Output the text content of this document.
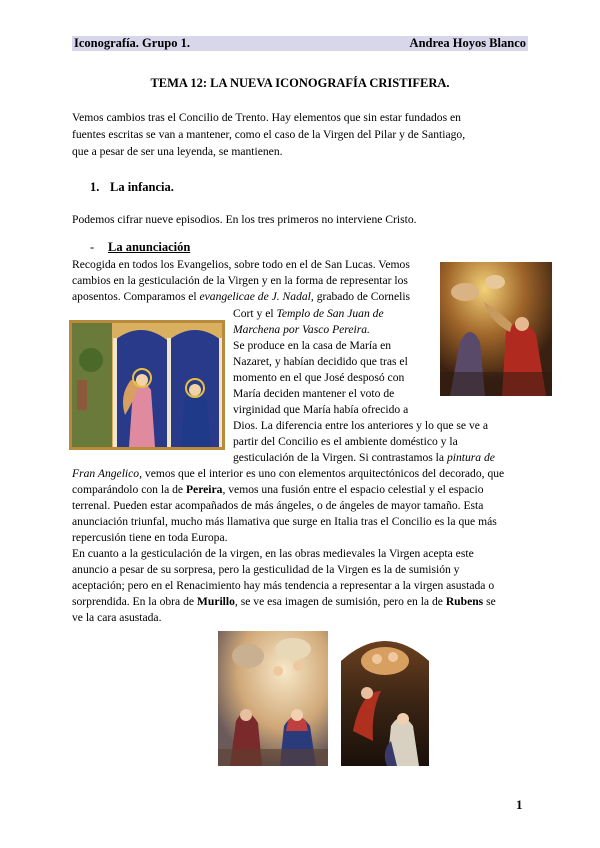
Iconografía. Grupo 1.	Andrea Hoyos Blanco
TEMA 12: LA NUEVA ICONOGRAFÍA CRISTIFERA.
Vemos cambios tras el Concilio de Trento. Hay elementos que sin estar fundados en
fuentes escritas se van a mantener, como el caso de la Virgen del Pilar y de Santiago,
que a pesar de ser una leyenda, se mantienen.
1. La infancia.
Podemos cifrar nueve episodios. En los tres primeros no interviene Cristo.
- La anunciación
Recogida en todos los Evangelios, sobre todo en el de San Lucas. Vemos
cambios en la gesticulación de la Virgen y en la forma de representar los
aposentos. Comparamos el evangelicae de J. Nadal, grabado de Cornelis
Cort y el Templo de San Juan de
Marchena por Vasco Pereira.
Se produce en la casa de María en
Nazaret, y habían decidido que tras el
momento en el que José desposó con
María deciden mantener el voto de
virginidad que María había ofrecido a
Dios. La diferencia entre los anteriores y lo que se ve a
partir del Concilio es el ambiente doméstico y la
gesticulación de la Virgen. Si contrastamos la pintura de
Fran Angelico, vemos que el interior es uno con elementos arquitectónicos del decorado, que
comparándolo con la de Pereira, vemos una fusión entre el espacio celestial y el espacio
terrenal. Pueden estar acompañados de más ángeles, o de ángeles de mayor tamaño. Esta
anunciación triunfal, mucho más llamativa que surge en Italia tras el Concilio es la que más
repercusión tiene en toda Europa.
En cuanto a la gesticulación de la virgen, en las obras medievales la Virgen acepta este
anuncio a pesar de su sorpresa, pero la gesticulidad de la Virgen es la de sumisión y
aceptación; pero en el Renacimiento hay más tendencia a representar a la virgen asustada o
sorprendida. En la obra de Murillo, se ve esa imagen de sumisión, pero en la de Rubens se
ve la cara asustada.
1
